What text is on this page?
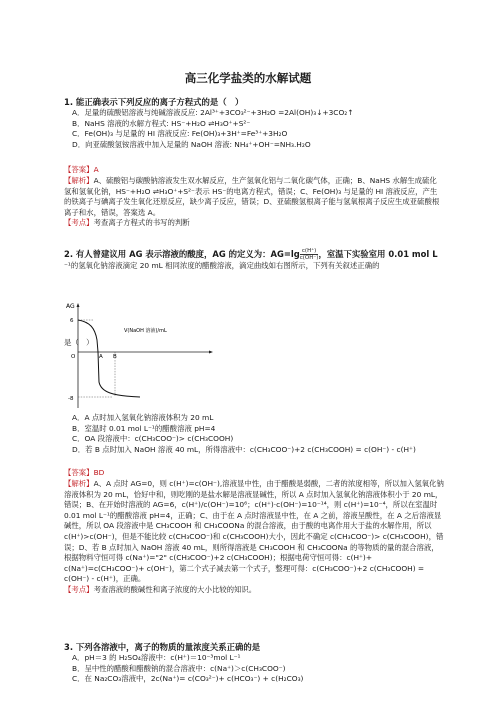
高三化学盐类的水解试题
1. 能正确表示下列反应的离子方程式的是（　）
A．足量的硫酸铝溶液与纯碱溶液反应: 2Al³⁺+3CO₃²⁻+3H₂O =2Al(OH)₃↓+3CO₂↑
B．NaHS 溶液的水解方程式: HS⁻+H₂O ⇌H₃O⁺+S²⁻
C．Fe(OH)₃ 与足量的 HI 溶液反应: Fe(OH)₃+3H⁺=Fe³⁺+3H₂O
D．向亚硫酸氢铵溶液中加入足量的 NaOH 溶液: NH₄⁺+OH⁻=NH₃.H₂O
【答案】A
【解析】A、硫酸铝与碳酸钠溶液发生双水解反应，生产氢氧化铝与二氧化碳气体，正确；B、NaHS 水解生成硫化氢和氢氧化钠，HS⁻+H₂O ⇌H₃O⁺+S²⁻表示 HS⁻的电离方程式，错误；C、Fe(OH)₃ 与足量的 HI 溶液反应，产生的铁离子与碘离子发生氧化还原反应，缺少离子反应，错误；D、亚硫酸氢根离子能与氢氧根离子反应生成亚硫酸根离子和水，错误，答案选 A。
【考点】考查离子方程式的书写的判断
2. 有人曾建议用 AG 表示溶液的酸度，AG 的定义为：$AG=\lg \frac{c(H^+)}{c(OH^-)}$ ，室温下实验室用 0.01 mol L
⁻¹的氢氧化钠溶液滴定 20 mL 相同浓度的醋酸溶液，滴定曲线如右图所示，下列有关叙述正确的
是（　）
AG
6
-8
O
V(NaOH 溶液)/mL
A B
A．A 点时加入氢氧化钠溶液体积为 20 mL
B．室温时 0.01 mol L⁻¹的醋酸溶液 pH=4
C．OA 段溶液中：c(CH₃COO⁻)> c(CH₃COOH)
D．若 B 点时加入 NaOH 溶液 40 mL，所得溶液中：c(CH₃COO⁻)+2 c(CH₃COOH) = c(OH⁻) - c(H⁺)
【答案】BD
【解析】A、A 点时 AG=0，则 c(H⁺)=c(OH⁻),溶液显中性，由于醋酸是弱酸，二者的浓度相等，所以加入氢氧化钠溶液体积为 20 mL，恰好中和，则吃刚的是盐水解是溶液显碱性，所以 A 点时加入氢氧化钠溶液体积小于 20 mL，错误；B、在开始时溶液的 AG=6，c(H⁺)/c(OH⁻)=10⁶；c(H⁺)·c(OH⁻)=10⁻¹⁴，则 c(H⁺)=10⁻⁴，所以在室温时 0.01 mol L⁻¹的醋酸溶液 pH=4，正确；C、由于在 A 点时溶液显中性，在 A 之前，溶液呈酸性，在 A 之后溶液显碱性，所以 OA 段溶液中是 CH₃COOH 和 CH₃COONa 的混合溶液，由于酸的电离作用大于盐的水解作用，所以 c(H⁺)>c(OH⁻)，但是不能比较 c(CH₃COO⁻)和 c(CH₃COOH)大小，因此不确定 c(CH₃COO⁻)> c(CH₃COOH)，错误；D、若 B 点时加入 NaOH 溶液 40 mL，则所得溶液是 CH₃COOH 和 CH₃COONa 的等物质的量的混合溶液，根据物料守恒可得 c(Na⁺)="2" c(CH₃COO⁻)+2 c(CH₃COOH)；根据电荷守恒可得：c(H⁺)+ c(Na⁺)=c(CH₃COO⁻)+ c(OH⁻)，第二个式子减去第一个式子，整理可得：c(CH₃COO⁻)+2 c(CH₃COOH) = c(OH⁻) - c(H⁺)，正确。
【考点】考查溶液的酸碱性和离子浓度的大小比较的知识。
3. 下列各溶液中，离子的物质的量浓度关系正确的是
A．pH＝3 的 H₂SO₄溶液中：c(H⁺)＝10⁻³mol L⁻¹
B．呈中性的醋酸和醋酸钠的混合溶液中：c(Na⁺)＞c(CH₃COO⁻)
C．在 Na₂CO₃溶液中，2c(Na⁺)= c(CO₃²⁻)+ c(HCO₃⁻) + c(H₂CO₃)
